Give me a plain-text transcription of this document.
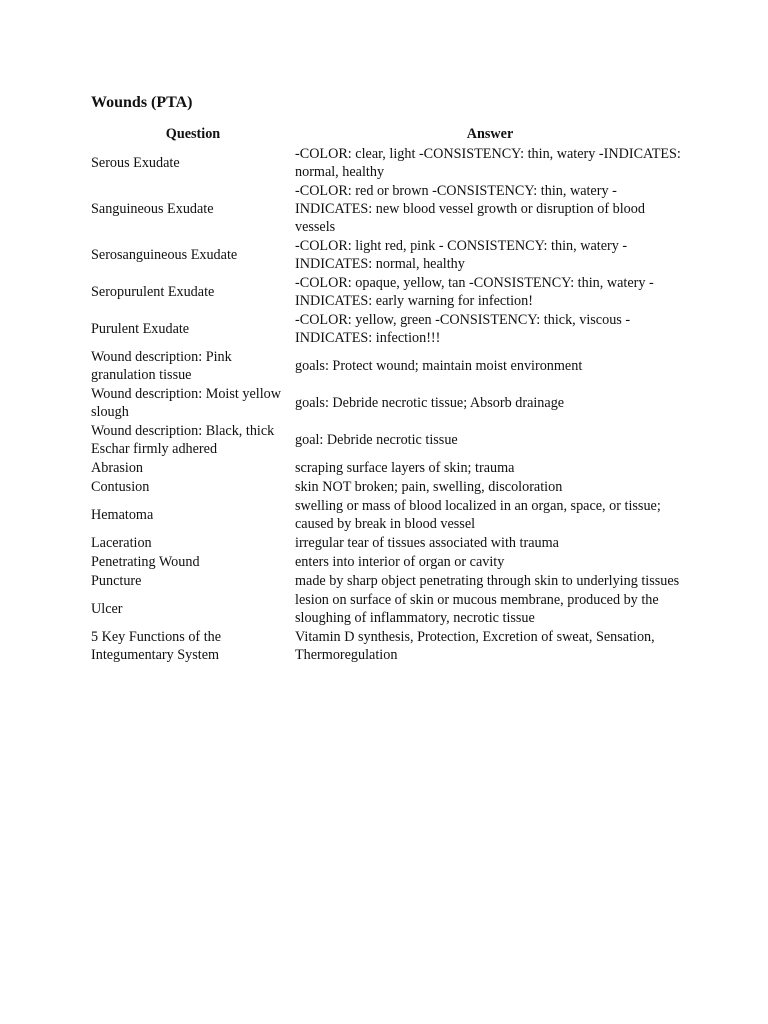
Wounds (PTA)
Question	Answer
Serous Exudate	-COLOR: clear, light -CONSISTENCY: thin, watery -INDICATES: normal, healthy
Sanguineous Exudate	-COLOR: red or brown -CONSISTENCY: thin, watery -INDICATES: new blood vessel growth or disruption of blood vessels
Serosanguineous Exudate	-COLOR: light red, pink - CONSISTENCY: thin, watery -INDICATES: normal, healthy
Seropurulent Exudate	-COLOR: opaque, yellow, tan -CONSISTENCY: thin, watery -INDICATES: early warning for infection!
Purulent Exudate	-COLOR: yellow, green -CONSISTENCY: thick, viscous -INDICATES: infection!!!
Wound description: Pink granulation tissue	goals: Protect wound; maintain moist environment
Wound description: Moist yellow slough	goals: Debride necrotic tissue; Absorb drainage
Wound description: Black, thick Eschar firmly adhered	goal: Debride necrotic tissue
Abrasion	scraping surface layers of skin; trauma
Contusion	skin NOT broken; pain, swelling, discoloration
Hematoma	swelling or mass of blood localized in an organ, space, or tissue; caused by break in blood vessel
Laceration	irregular tear of tissues associated with trauma
Penetrating Wound	enters into interior of organ or cavity
Puncture	made by sharp object penetrating through skin to underlying tissues
Ulcer	lesion on surface of skin or mucous membrane, produced by the sloughing of inflammatory, necrotic tissue
5 Key Functions of the Integumentary System	Vitamin D synthesis, Protection, Excretion of sweat, Sensation, Thermoregulation
